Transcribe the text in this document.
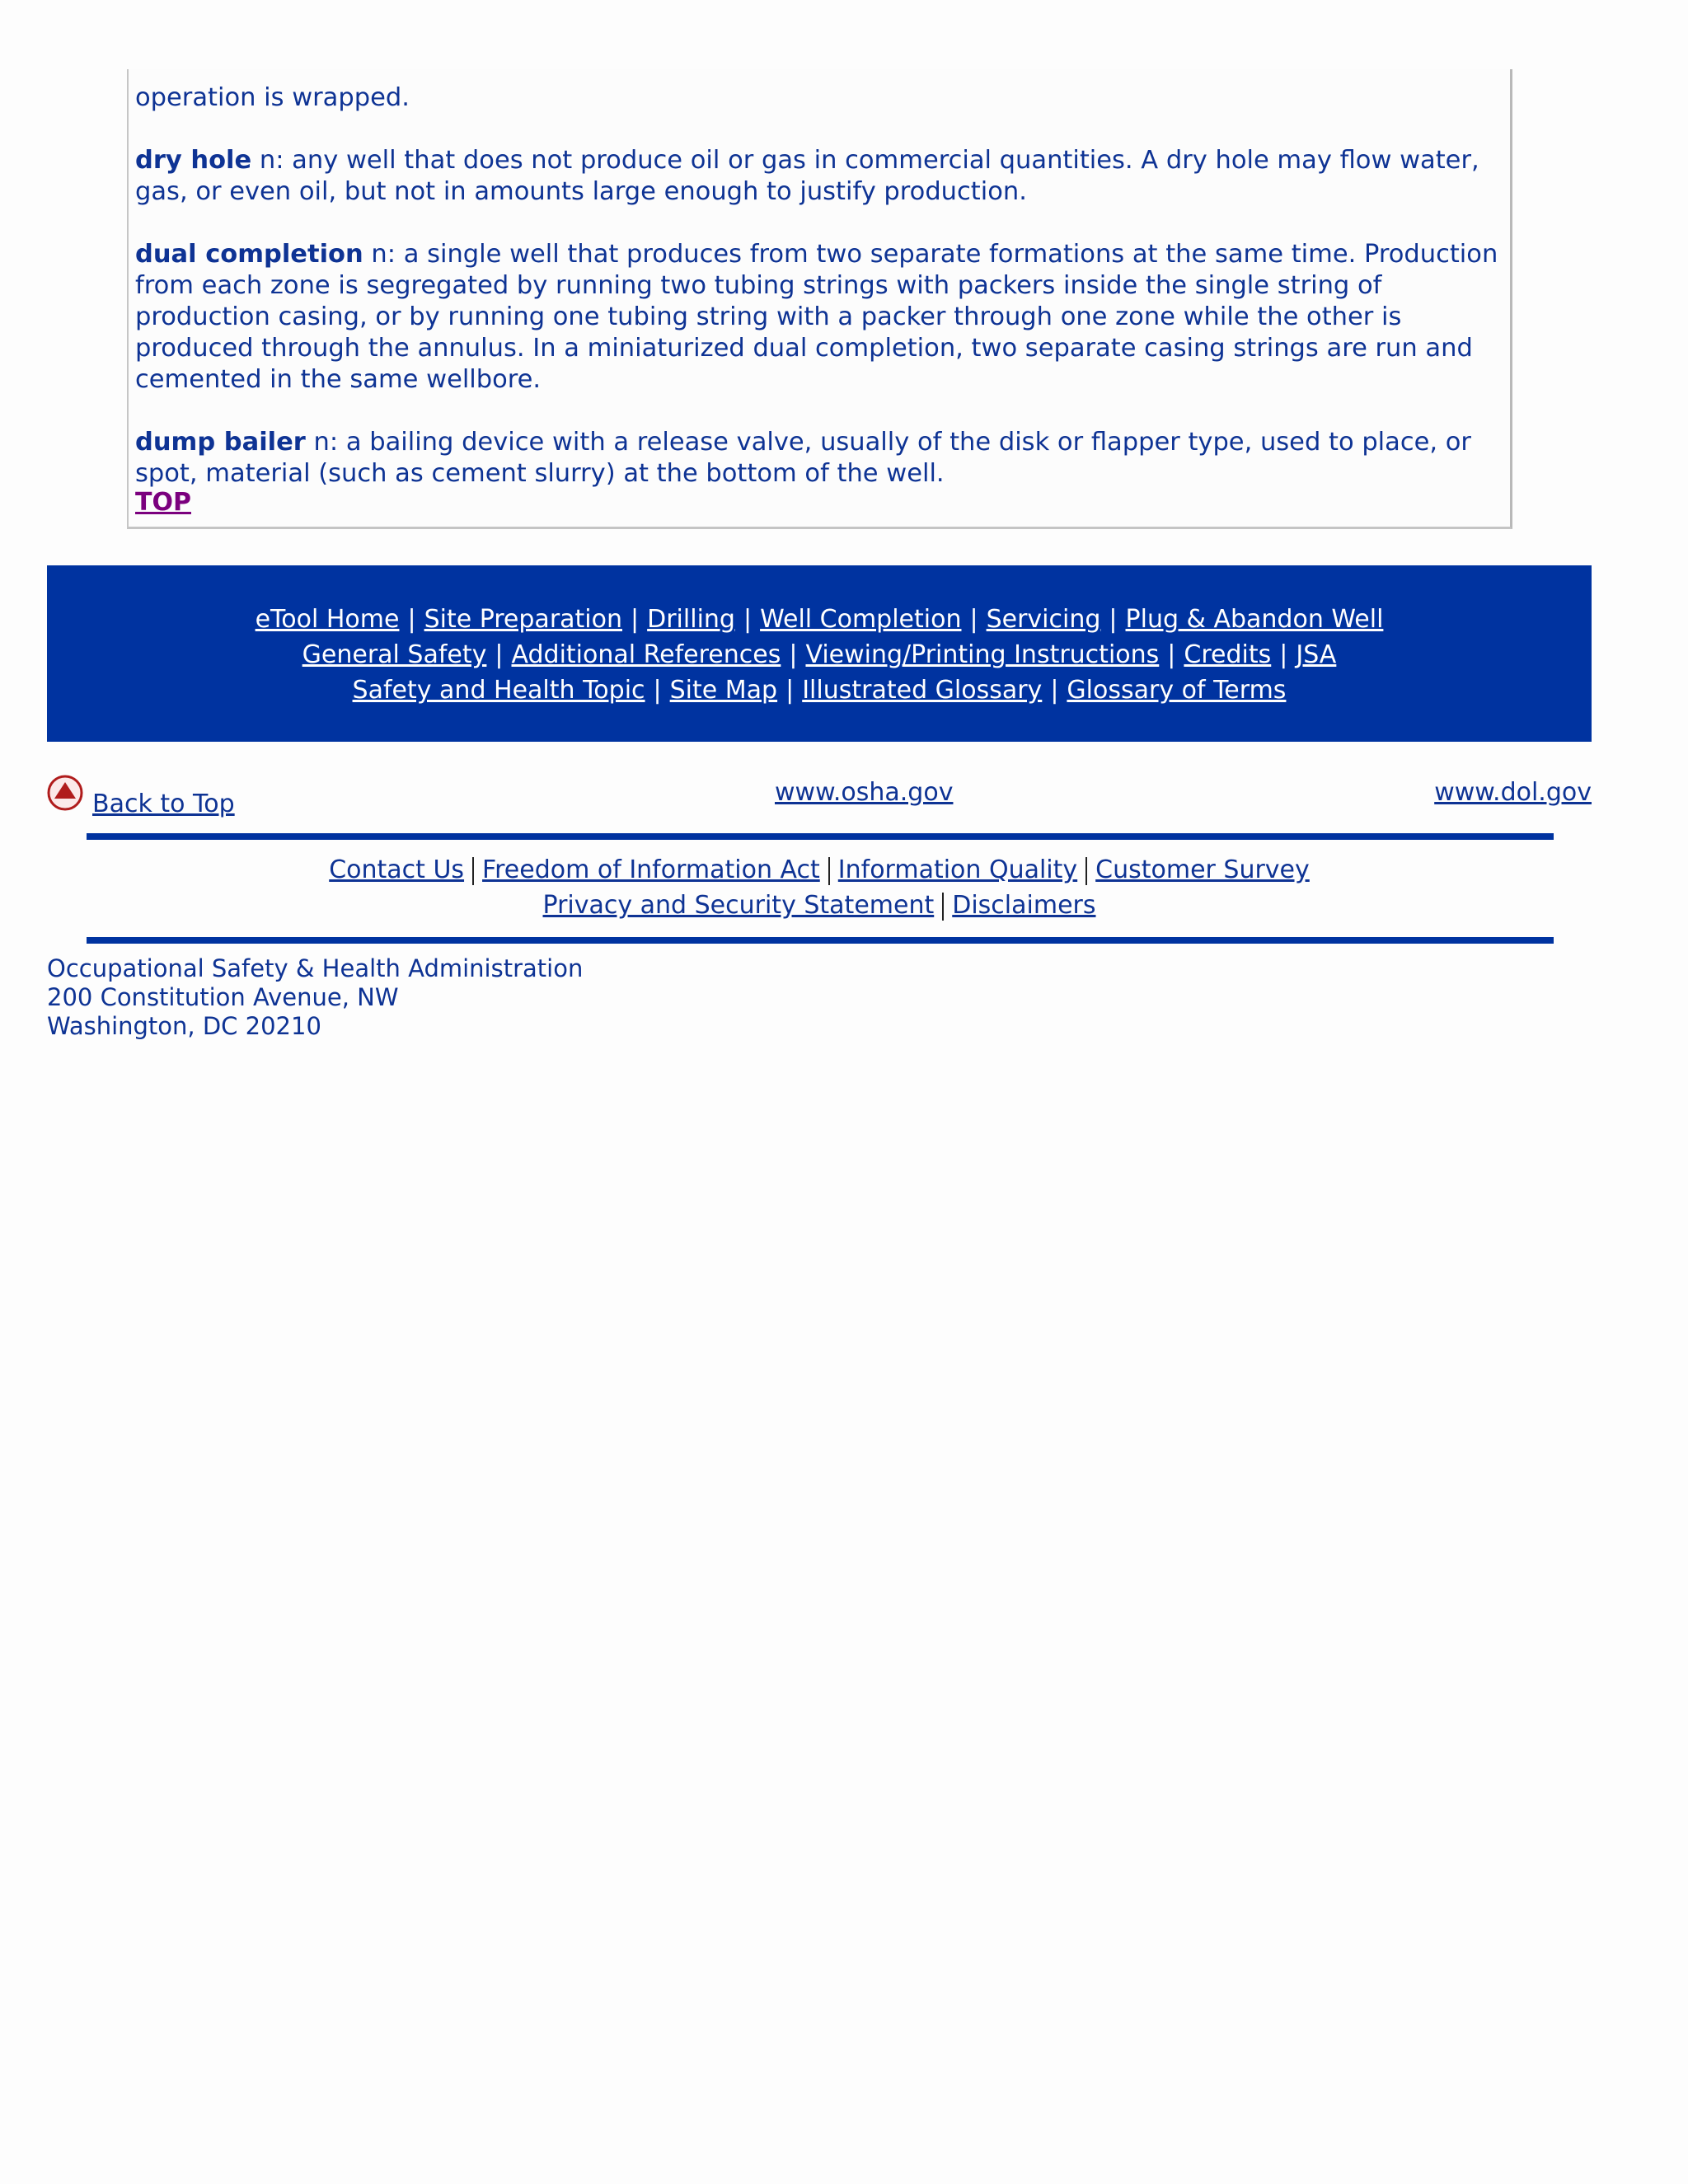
operation is wrapped.

dry hole n: any well that does not produce oil or gas in commercial quantities. A dry hole may flow water, gas, or even oil, but not in amounts large enough to justify production.

dual completion n: a single well that produces from two separate formations at the same time. Production from each zone is segregated by running two tubing strings with packers inside the single string of production casing, or by running one tubing string with a packer through one zone while the other is produced through the annulus. In a miniaturized dual completion, two separate casing strings are run and cemented in the same wellbore.

dump bailer n: a bailing device with a release valve, usually of the disk or flapper type, used to place, or spot, material (such as cement slurry) at the bottom of the well.

TOP
eTool Home | Site Preparation | Drilling | Well Completion | Servicing | Plug & Abandon Well
General Safety | Additional References | Viewing/Printing Instructions | Credits | JSA
Safety and Health Topic | Site Map | Illustrated Glossary | Glossary of Terms
Back to Top	www.osha.gov	www.dol.gov
Contact Us Freedom of Information Act Information Quality Customer Survey
Privacy and Security Statement Disclaimers
Occupational Safety & Health Administration
200 Constitution Avenue, NW
Washington, DC 20210
